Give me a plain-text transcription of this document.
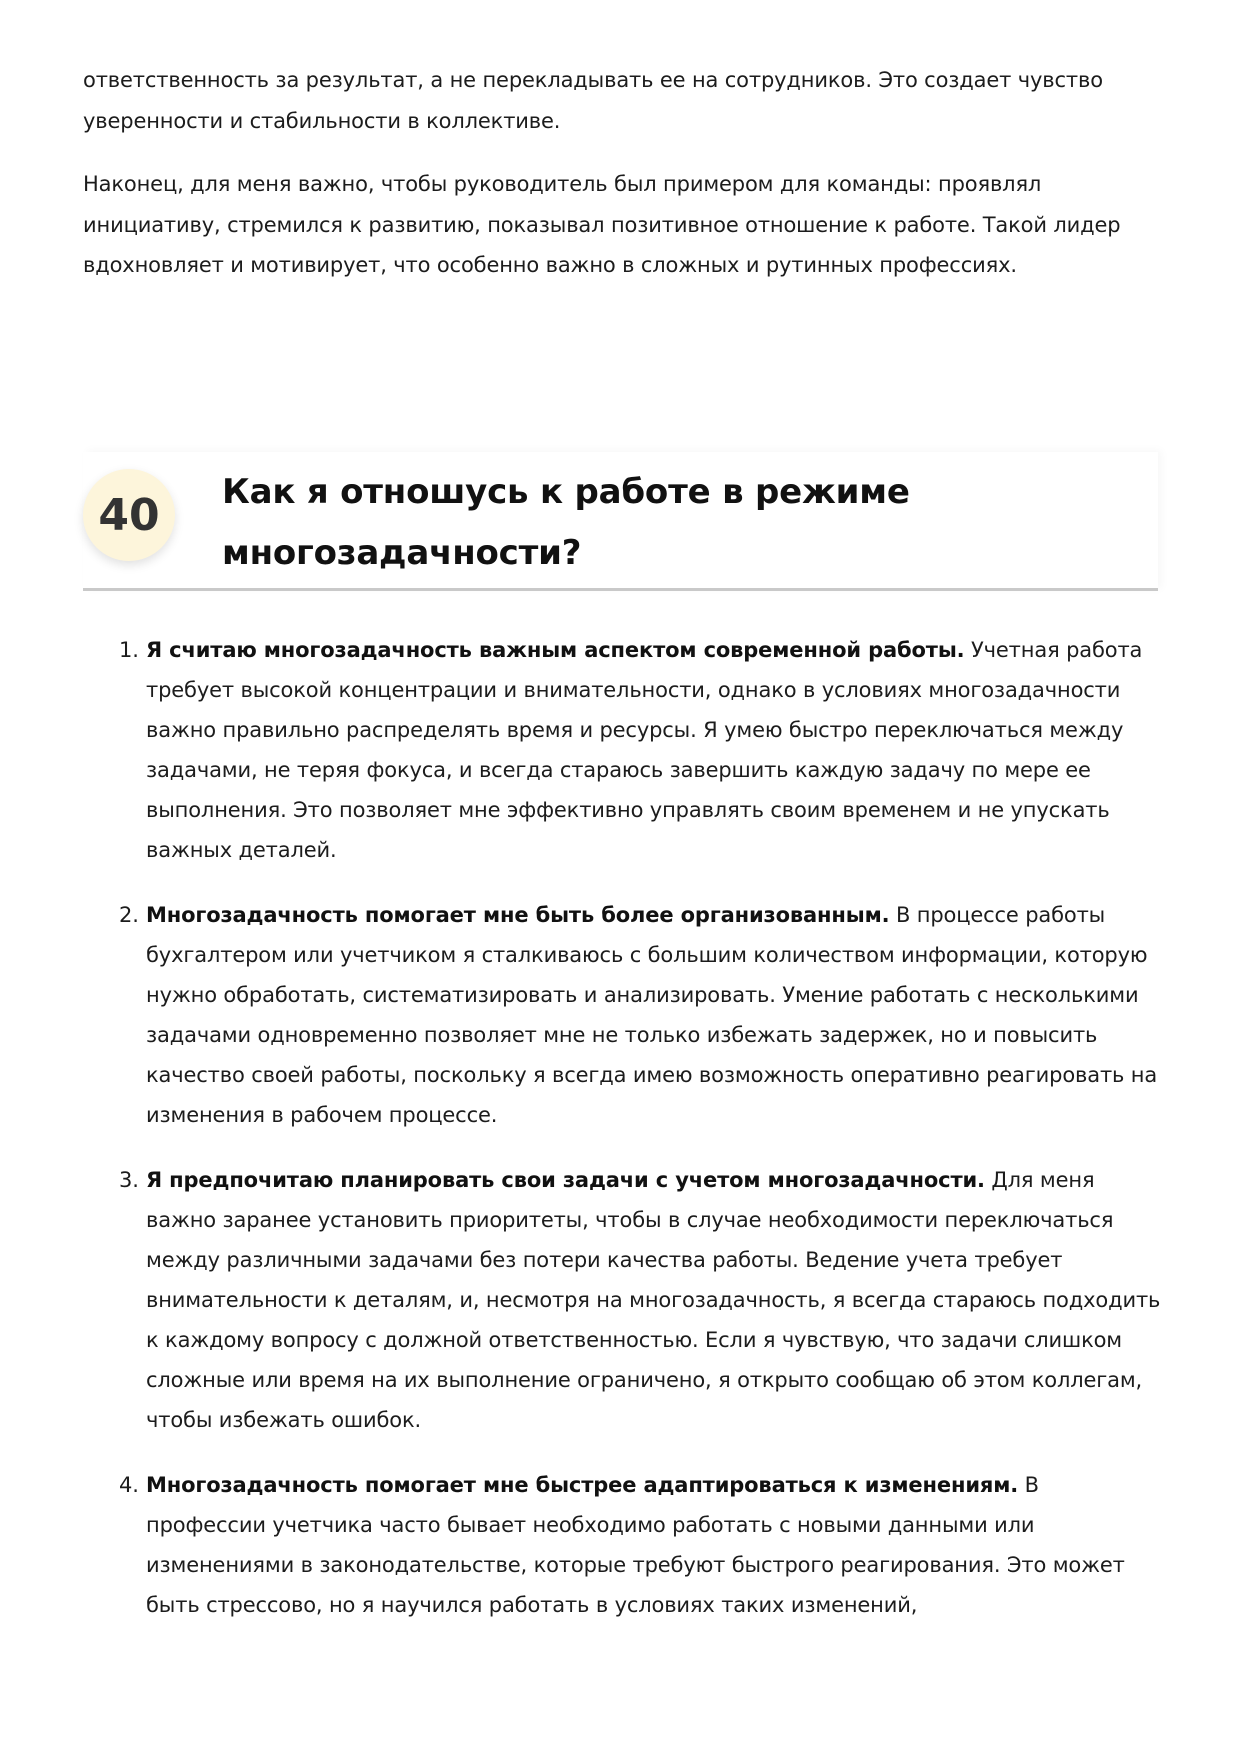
ответственность за результат, а не перекладывать ее на сотрудников. Это создает чувство уверенности и стабильности в коллективе.

Наконец, для меня важно, чтобы руководитель был примером для команды: проявлял инициативу, стремился к развитию, показывал позитивное отношение к работе. Такой лидер вдохновляет и мотивирует, что особенно важно в сложных и рутинных профессиях.

40	Как я отношусь к работе в режиме многозадачности?
1. Я считаю многозадачность важным аспектом современной работы. Учетная работа требует высокой концентрации и внимательности, однако в условиях многозадачности важно правильно распределять время и ресурсы. Я умею быстро переключаться между задачами, не теряя фокуса, и всегда стараюсь завершить каждую задачу по мере ее выполнения. Это позволяет мне эффективно управлять своим временем и не упускать важных деталей.
2. Многозадачность помогает мне быть более организованным. В процессе работы бухгалтером или учетчиком я сталкиваюсь с большим количеством информации, которую нужно обработать, систематизировать и анализировать. Умение работать с несколькими задачами одновременно позволяет мне не только избежать задержек, но и повысить качество своей работы, поскольку я всегда имею возможность оперативно реагировать на изменения в рабочем процессе.
3. Я предпочитаю планировать свои задачи с учетом многозадачности. Для меня важно заранее установить приоритеты, чтобы в случае необходимости переключаться между различными задачами без потери качества работы. Ведение учета требует внимательности к деталям, и, несмотря на многозадачность, я всегда стараюсь подходить к каждому вопросу с должной ответственностью. Если я чувствую, что задачи слишком сложные или время на их выполнение ограничено, я открыто сообщаю об этом коллегам, чтобы избежать ошибок.
4. Многозадачность помогает мне быстрее адаптироваться к изменениям. В профессии учетчика часто бывает необходимо работать с новыми данными или изменениями в законодательстве, которые требуют быстрого реагирования. Это может быть стрессово, но я научился работать в условиях таких изменений,
